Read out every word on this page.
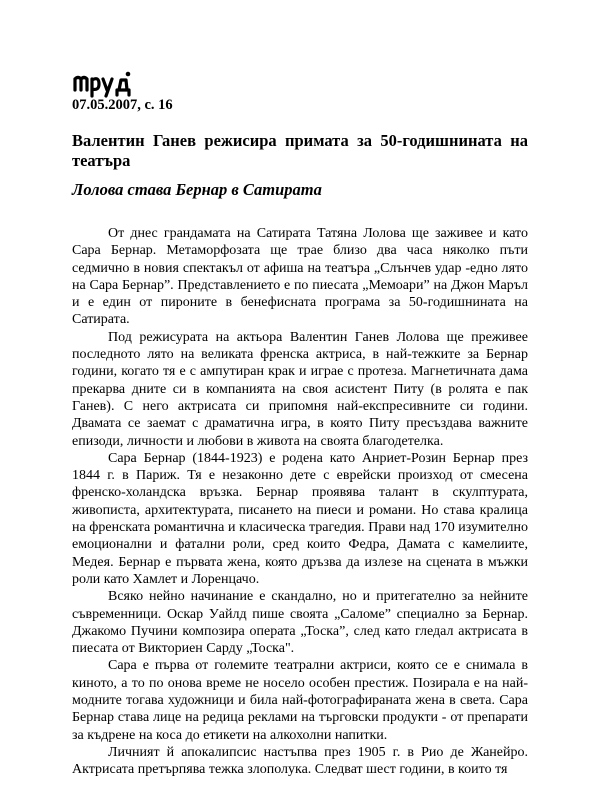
07.05.2007, с. 16

Валентин Ганев режисира примата за 50-годишнината на театъра
Лолова става Бернар в Сатирата

От днес грандамата на Сатирата Татяна Лолова ще заживее и като Сара Бернар. Метаморфозата ще трае близо два часа няколко пъти седмично в новия спектакъл от афиша на театъра „Слънчев удар -едно лято на Сара Бернар”. Представлението е по пиесата „Мемоари” на Джон Маръл и е един от пироните в бенефисната програма за 50-годишнината на Сатирата.

Под режисурата на актьора Валентин Ганев Лолова ще преживее последното лято на великата френска актриса, в най-тежките за Бернар години, когато тя е с ампутиран крак и играе с протеза. Магнетичната дама прекарва дните си в компанията на своя асистент Питу (в ролята е пак Ганев). С него актрисата си припомня най-експресивните си години. Двамата се заемат с драматична игра, в която Питу пресъздава важните епизоди, личности и любови в живота на своята благодетелка.

Сара Бернар (1844-1923) е родена като Анриет-Розин Бернар през 1844 г. в Париж. Тя е незаконно дете с еврейски произход от смесена френско-холандска връзка. Бернар проявява талант в скулптурата, живописта, архитектурата, писането на пиеси и романи. Но става кралица на френската романтична и класическа трагедия. Прави над 170 изумително емоционални и фатални роли, сред които Федра, Дамата с камелиите, Медея. Бернар е първата жена, която дръзва да излезе на сцената в мъжки роли като Хамлет и Лоренцачо.

Всяко нейно начинание е скандално, но и притегателно за нейните съвременници. Оскар Уайлд пише своята „Саломе” специално за Бернар. Джакомо Пучини композира операта „Тоска”, след като гледал актрисата в пиесата от Викториен Сарду „Тоска".

Сара е първа от големите театрални актриси, която се е снимала в киното, а то по онова време не носело особен престиж. Позирала е на най-модните тогава художници и била най-фотографираната жена в света. Сара Бернар става лице на редица реклами на търговски продукти - от препарати за къдрене на коса до етикети на алкохолни напитки.

Личният й апокалипсис настъпва през 1905 г. в Рио де Жанейро. Актрисата претърпява тежка злополука. Следват шест години, в които тя
